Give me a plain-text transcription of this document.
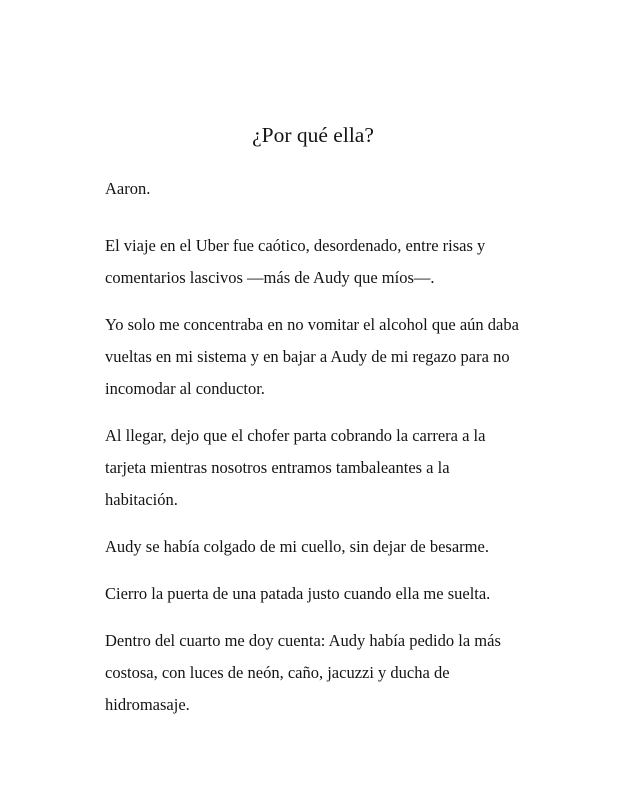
¿Por qué ella?

Aaron.

El viaje en el Uber fue caótico, desordenado, entre risas y comentarios lascivos —más de Audy que míos—.

Yo solo me concentraba en no vomitar el alcohol que aún daba vueltas en mi sistema y en bajar a Audy de mi regazo para no incomodar al conductor.

Al llegar, dejo que el chofer parta cobrando la carrera a la tarjeta mientras nosotros entramos tambaleantes a la habitación.

Audy se había colgado de mi cuello, sin dejar de besarme.

Cierro la puerta de una patada justo cuando ella me suelta.

Dentro del cuarto me doy cuenta: Audy había pedido la más costosa, con luces de neón, caño, jacuzzi y ducha de hidromasaje.
